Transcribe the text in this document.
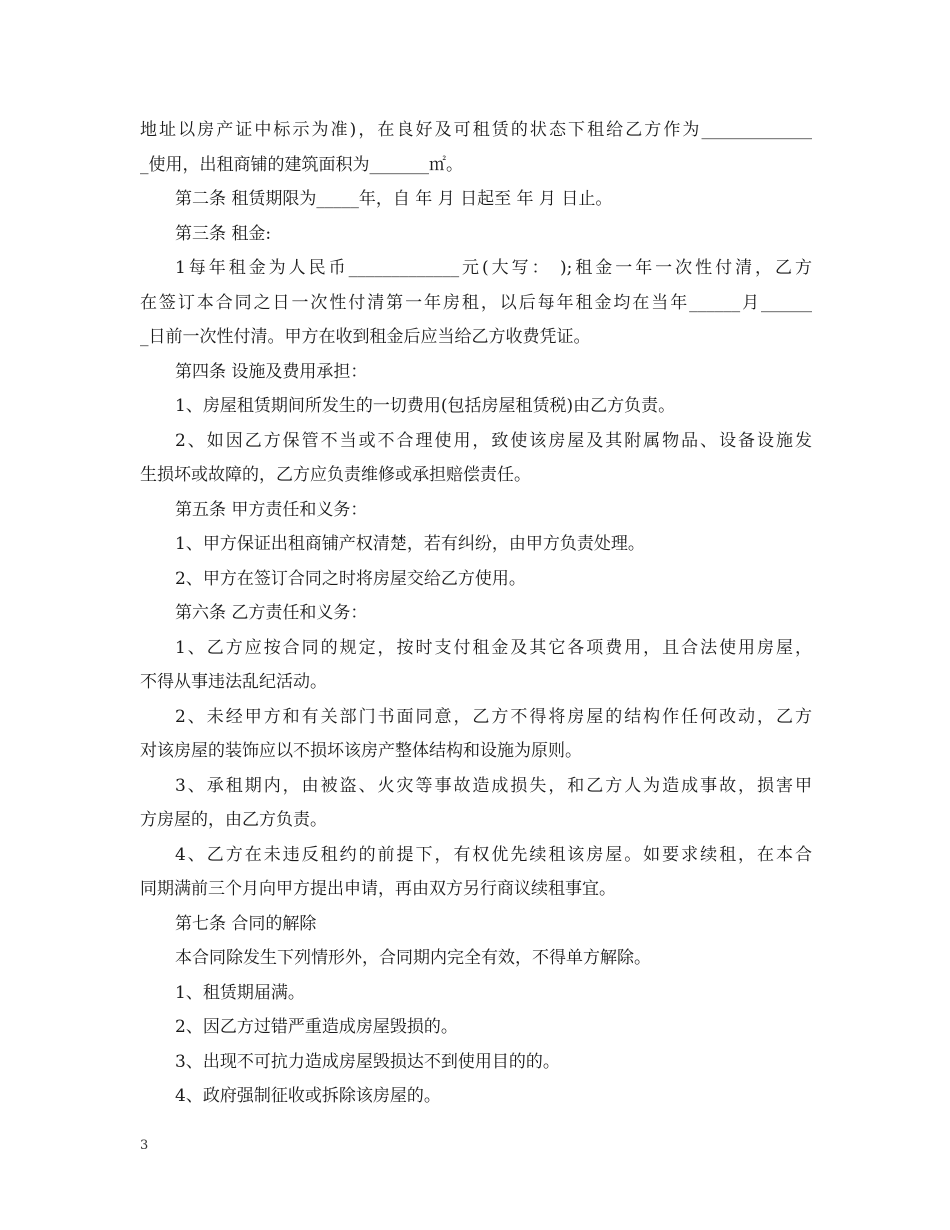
地址以房产证中标示为准)，在良好及可租赁的状态下租给乙方作为_____________
_使用，出租商铺的建筑面积为_______㎡。
第二条 租赁期限为_____年，自 年 月 日起至 年 月 日止。
第三条 租金:
1每年租金为人民币_____________元(大写： );租金一年一次性付清，乙方
在签订本合同之日一次性付清第一年房租，以后每年租金均在当年______月______
_日前一次性付清。甲方在收到租金后应当给乙方收费凭证。
第四条 设施及费用承担：
1、房屋租赁期间所发生的一切费用(包括房屋租赁税)由乙方负责。
2、如因乙方保管不当或不合理使用，致使该房屋及其附属物品、设备设施发
生损坏或故障的，乙方应负责维修或承担赔偿责任。
第五条 甲方责任和义务：
1、甲方保证出租商铺产权清楚，若有纠纷，由甲方负责处理。
2、甲方在签订合同之时将房屋交给乙方使用。
第六条 乙方责任和义务：
1、乙方应按合同的规定，按时支付租金及其它各项费用，且合法使用房屋，
不得从事违法乱纪活动。
2、未经甲方和有关部门书面同意，乙方不得将房屋的结构作任何改动，乙方
对该房屋的装饰应以不损坏该房产整体结构和设施为原则。
3、承租期内，由被盗、火灾等事故造成损失，和乙方人为造成事故，损害甲
方房屋的，由乙方负责。
4、乙方在未违反租约的前提下，有权优先续租该房屋。如要求续租，在本合
同期满前三个月向甲方提出申请，再由双方另行商议续租事宜。
第七条 合同的解除
本合同除发生下列情形外，合同期内完全有效，不得单方解除。
1、租赁期届满。
2、因乙方过错严重造成房屋毁损的。
3、出现不可抗力造成房屋毁损达不到使用目的的。
4、政府强制征收或拆除该房屋的。
3
